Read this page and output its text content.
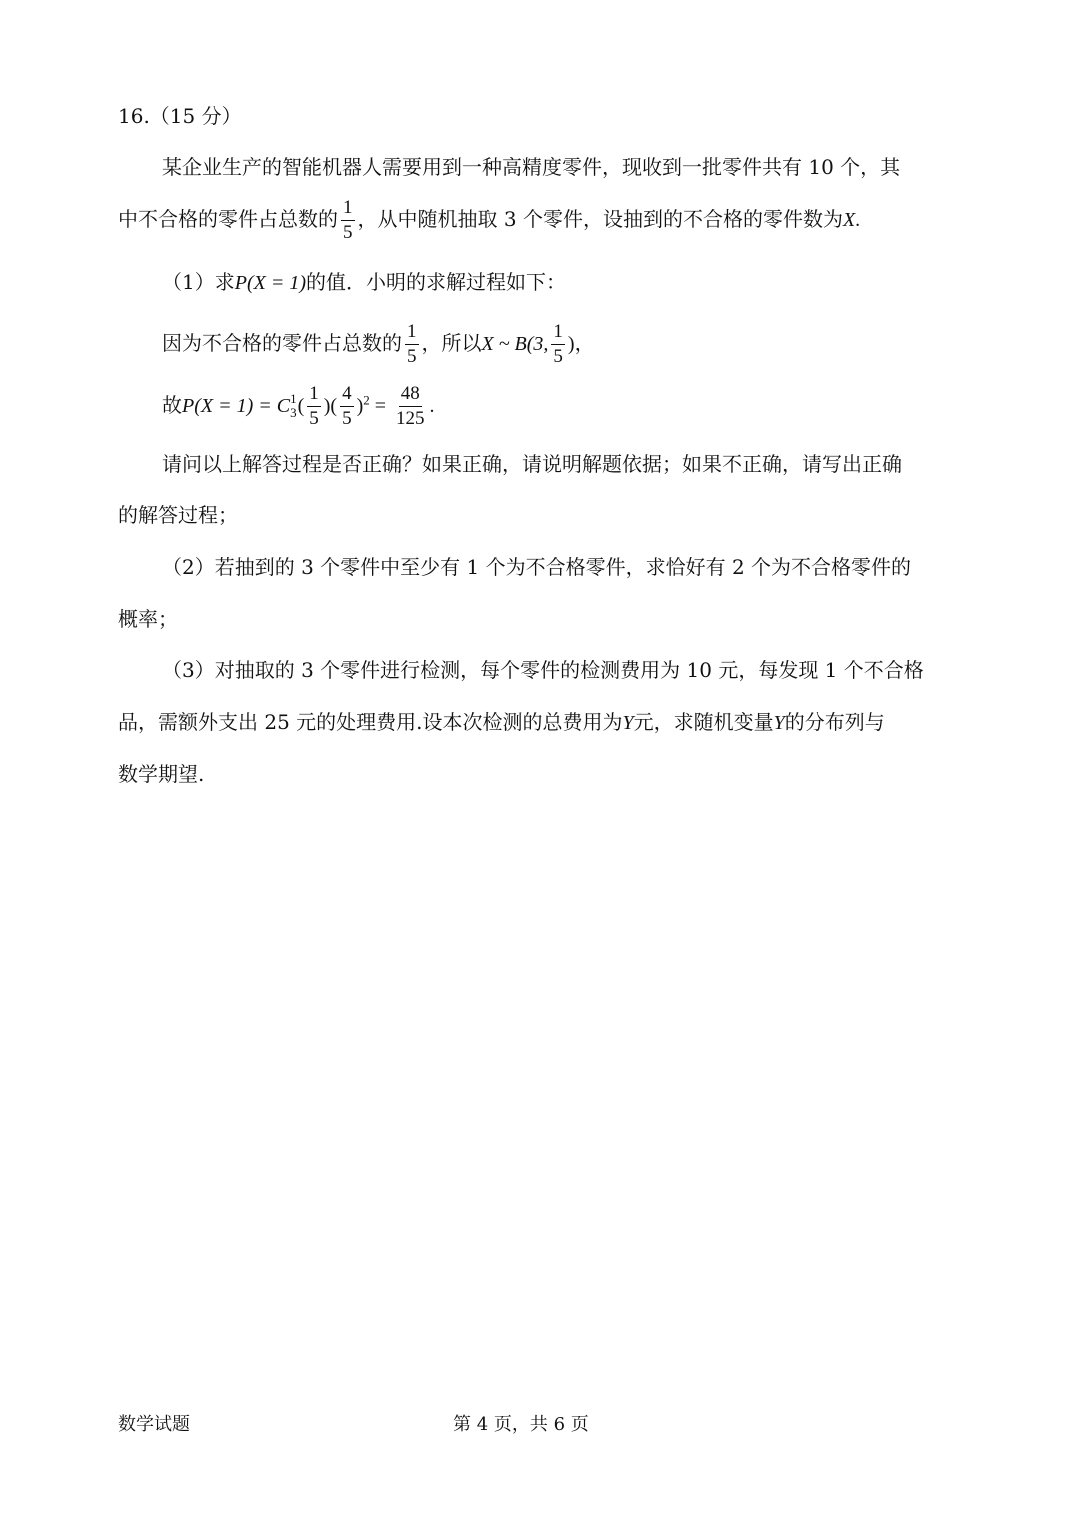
16.（15 分）
某企业生产的智能机器人需要用到一种高精度零件，现收到一批零件共有 10 个，其
中不合格的零件占总数的 $\frac{1}{5}$ ，从中随机抽取 3 个零件，设抽到的不合格的零件数为X.
（1）求P(X = 1)的值．小明的求解过程如下：
因为不合格的零件占总数的 $\frac{1}{5}$ ，所以X ~ B(3, $\frac{1}{5}$ )，
故P(X = 1) = C 1
3 ( $\frac{1}{5}$ )( $\frac{4}{5} )^2 = \frac{48}{125}$ .
请问以上解答过程是否正确？如果正确，请说明解题依据；如果不正确，请写出正确
的解答过程；
（2）若抽到的 3 个零件中至少有 1 个为不合格零件，求恰好有 2 个为不合格零件的
概率；
（3）对抽取的 3 个零件进行检测，每个零件的检测费用为 10 元，每发现 1 个不合格
品，需额外支出 25 元的处理费用.设本次检测的总费用为Y元，求随机变量Y的分布列与
数学期望.
数学试题	第 4 页，共 6 页
